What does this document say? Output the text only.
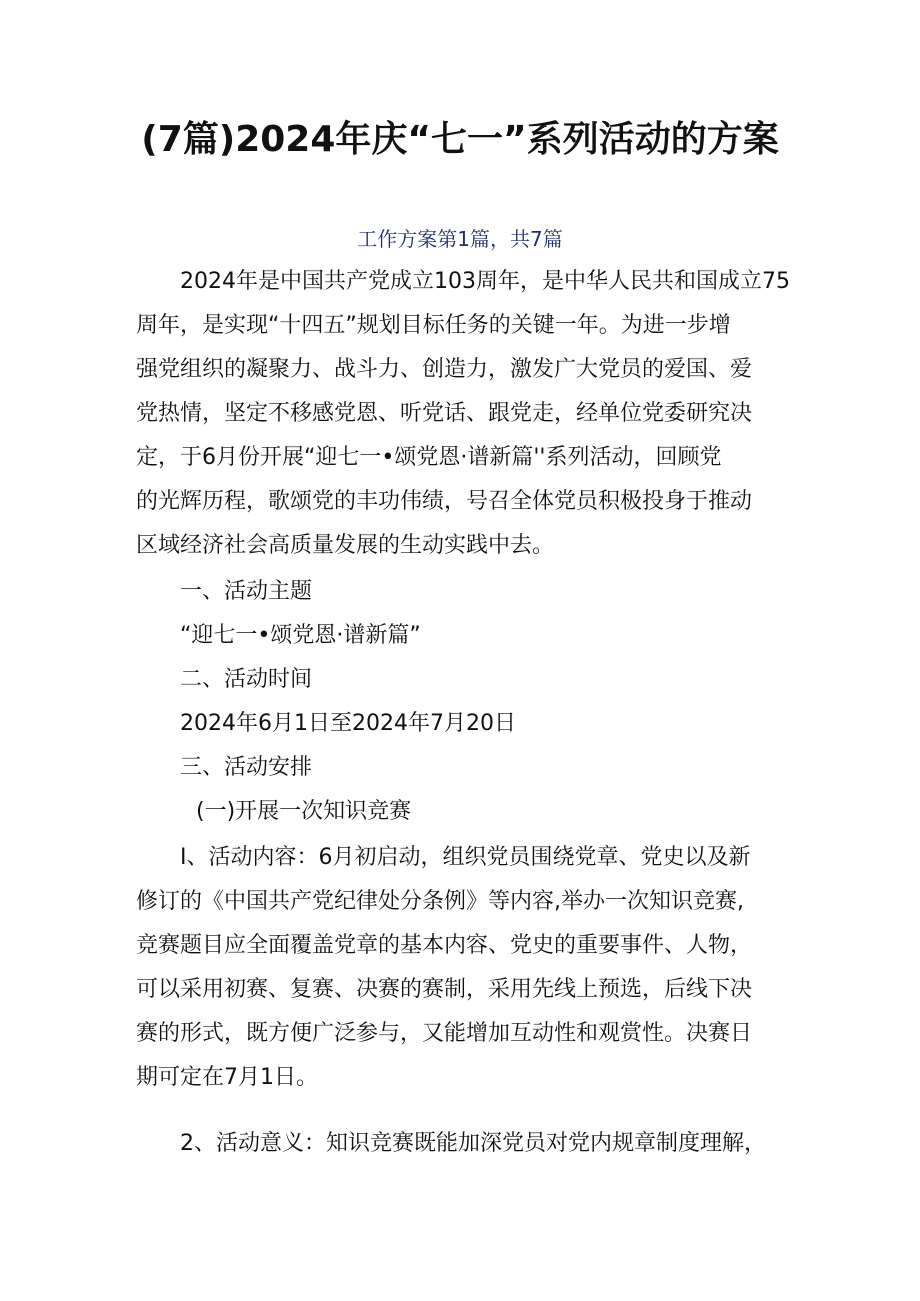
(7篇)2024年庆“七一”系列活动的方案
工作方案第1篇，共7篇
2024年是中国共产党成立103周年，是中华人民共和国成立75
周年，是实现“十四五”规划目标任务的关键一年。为进一步增
强党组织的凝聚力、战斗力、创造力，激发广大党员的爱国、爱
党热情，坚定不移感党恩、听党话、跟党走，经单位党委研究决
定，于6月份开展“迎七一•颂党恩·谱新篇''系列活动，回顾党
的光辉历程，歌颂党的丰功伟绩，号召全体党员积极投身于推动
区域经济社会高质量发展的生动实践中去。
一、活动主题
“迎七一•颂党恩·谱新篇”
二、活动时间
2024年6月1日至2024年7月20日
三、活动安排
(一)开展一次知识竞赛
I、活动内容：6月初启动，组织党员围绕党章、党史以及新
修订的《中国共产党纪律处分条例》等内容,举办一次知识竞赛,
竞赛题目应全面覆盖党章的基本内容、党史的重要事件、人物，
可以采用初赛、复赛、决赛的赛制，采用先线上预选，后线下决
赛的形式，既方便广泛参与，又能增加互动性和观赏性。决赛日
期可定在7月1日。
2、活动意义：知识竞赛既能加深党员对党内规章制度理解，
